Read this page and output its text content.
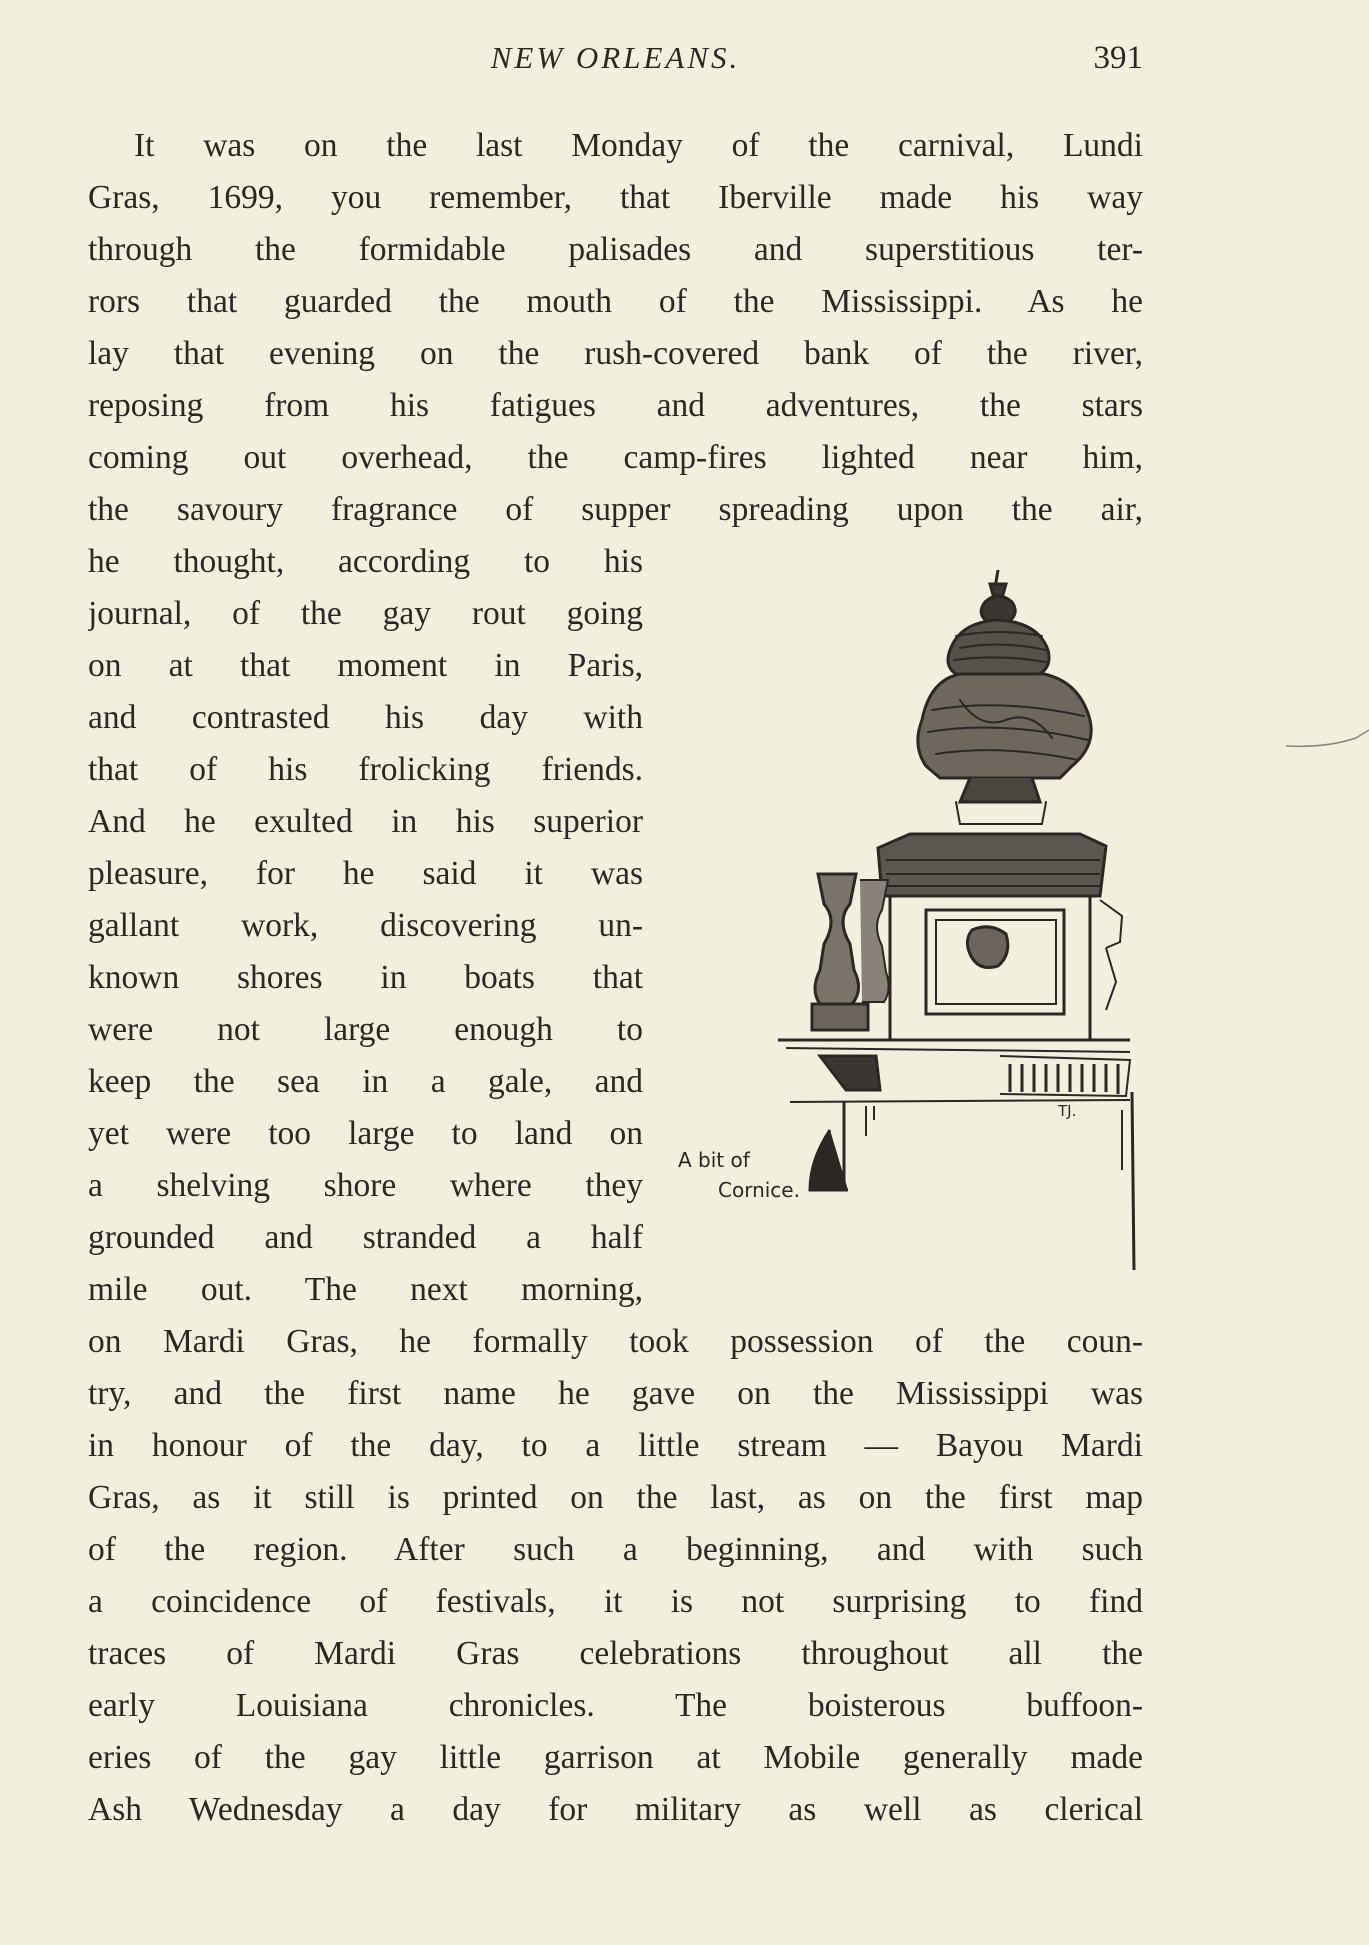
NEW ORLEANS.	391
It was on the last Monday of the carnival, Lundi
Gras, 1699, you remember, that Iberville made his way
through the formidable palisades and superstitious ter-
rors that guarded the mouth of the Mississippi. As he
lay that evening on the rush-covered bank of the river,
reposing from his fatigues and adventures, the stars
coming out overhead, the camp-fires lighted near him,
the savoury fragrance of supper spreading upon the air,
he thought, according to his
journal, of the gay rout going
on at that moment in Paris,
and contrasted his day with
that of his frolicking friends.
And he exulted in his superior
pleasure, for he said it was
gallant work, discovering un-
known shores in boats that
were not large enough to
keep the sea in a gale, and
yet were too large to land on
a shelving shore where they
grounded and stranded a half
mile out. The next morning,
TJ.
A bit of
Cornice.
on Mardi Gras, he formally took possession of the coun-
try, and the first name he gave on the Mississippi was
in honour of the day, to a little stream — Bayou Mardi
Gras, as it still is printed on the last, as on the first map
of the region. After such a beginning, and with such
a coincidence of festivals, it is not surprising to find
traces of Mardi Gras celebrations throughout all the
early Louisiana chronicles. The boisterous buffoon-
eries of the gay little garrison at Mobile generally made
Ash Wednesday a day for military as well as clerical
